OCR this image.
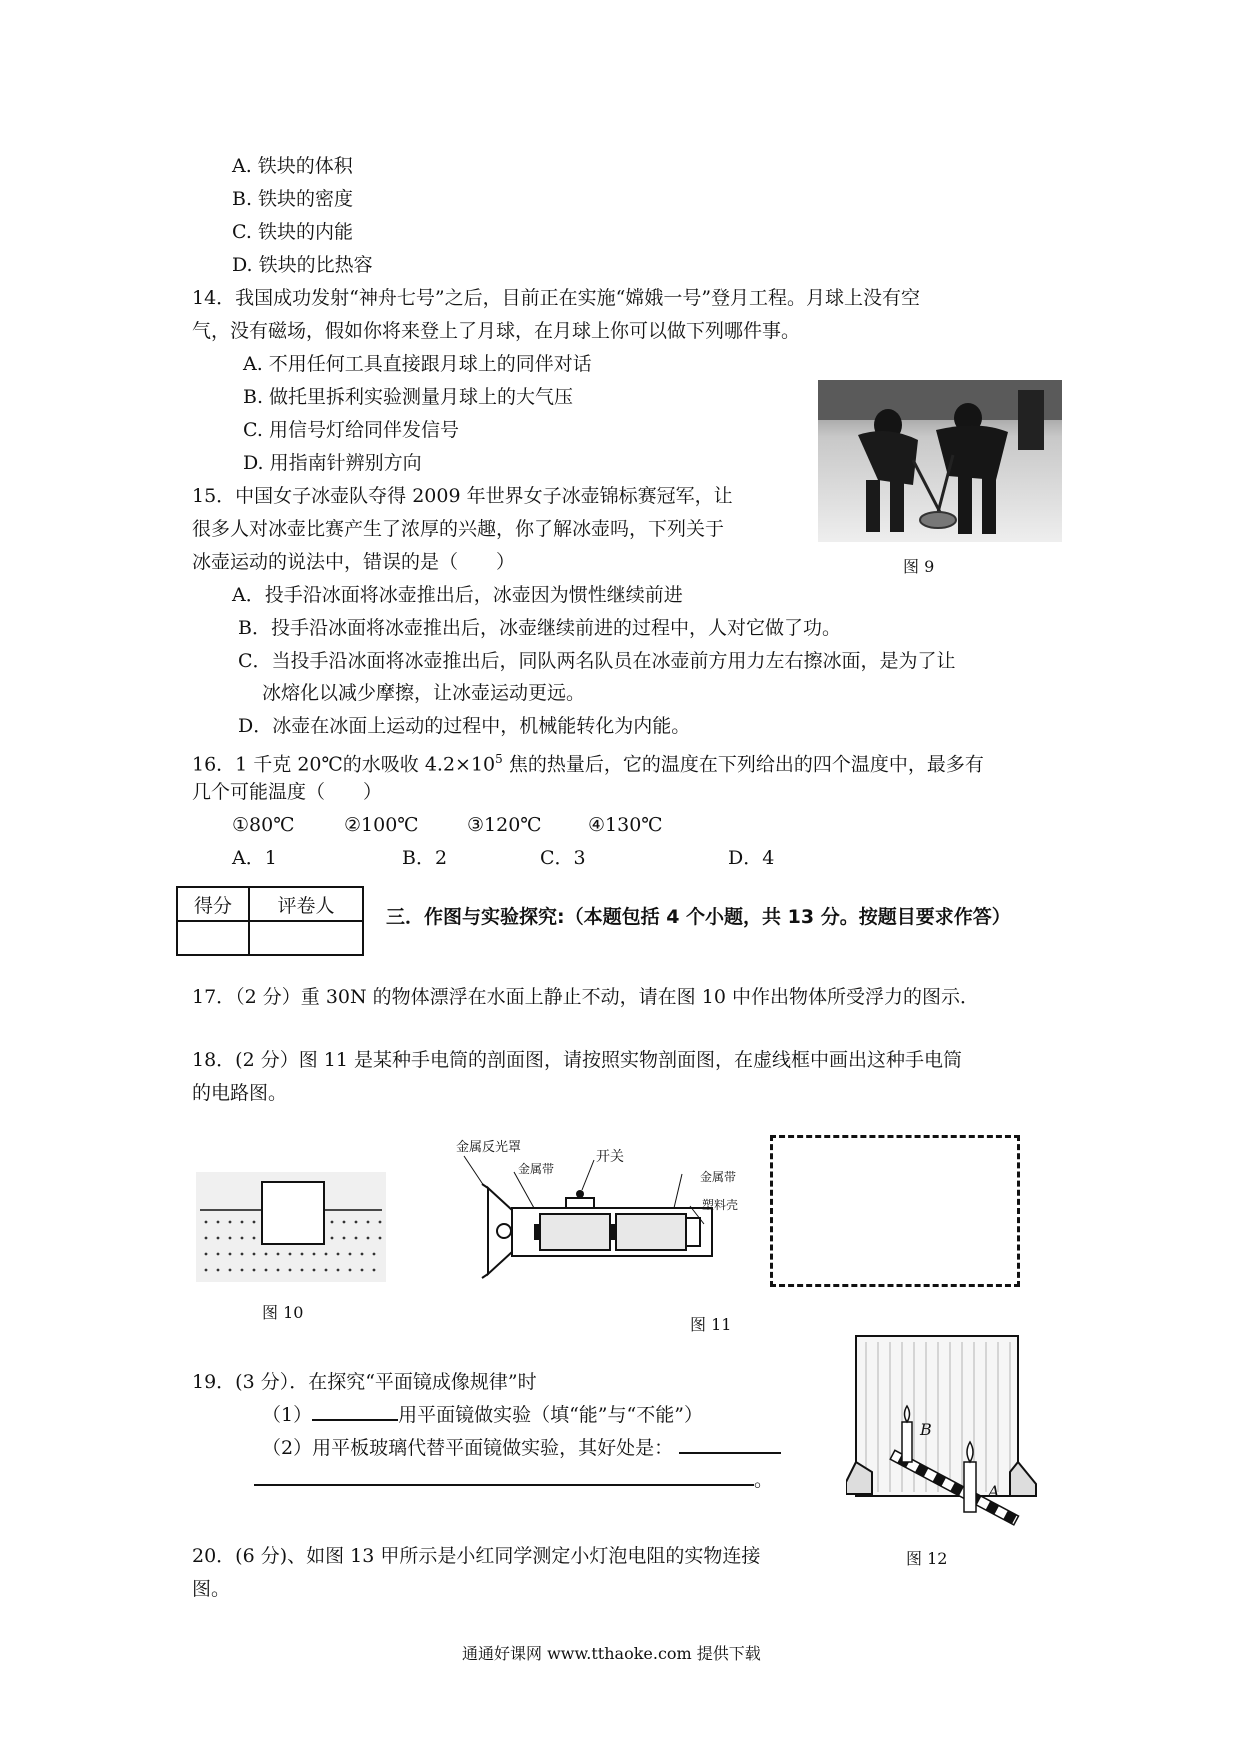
A. 铁块的体积
B. 铁块的密度
C. 铁块的内能
D. 铁块的比热容
14．我国成功发射“神舟七号”之后，目前正在实施“嫦娥一号”登月工程。月球上没有空
气，没有磁场，假如你将来登上了月球，在月球上你可以做下列哪件事。
A. 不用任何工具直接跟月球上的同伴对话
B. 做托里拆利实验测量月球上的大气压
C. 用信号灯给同伴发信号
D. 用指南针辨别方向
图 9
15．中国女子冰壶队夺得 2009 年世界女子冰壶锦标赛冠军，让
很多人对冰壶比赛产生了浓厚的兴趣，你了解冰壶吗，下列关于
冰壶运动的说法中，错误的是（　　）
A．投手沿冰面将冰壶推出后，冰壶因为惯性继续前进
B．投手沿冰面将冰壶推出后，冰壶继续前进的过程中，人对它做了功。
C．当投手沿冰面将冰壶推出后，同队两名队员在冰壶前方用力左右擦冰面，是为了让
冰熔化以减少摩擦，让冰壶运动更远。
D．冰壶在冰面上运动的过程中，机械能转化为内能。
16．1 千克 20℃的水吸收 $4.2\times 10^5$ 焦的热量后，它的温度在下列给出的四个温度中，最多有
几个可能温度（　　）
①80℃	②100℃	③120℃ ④130℃
A．1	B．2	C．3	D．4
得分	评卷人

三．作图与实验探究:（本题包括 4 个小题，共 13 分。按题目要求作答）
17．（2 分）重 30N 的物体漂浮在水面上静止不动，请在图 10 中作出物体所受浮力的图示．
18．(2 分）图 11 是某种手电筒的剖面图，请按照实物剖面图，在虚线框中画出这种手电筒
的电路图。
图 10
金属反光罩
金属带
开关
金属带
塑料壳
图 11
19．(3 分）．在探究“平面镜成像规律”时
（1）	用平面镜做实验（填“能”与“不能”）
（2）用平板玻璃代替平面镜做实验，其好处是：
。
B
A
图 12
20．(6 分)、如图 13 甲所示是小红同学测定小灯泡电阻的实物连接
图。
通通好课网 www.tthaoke.com 提供下载
